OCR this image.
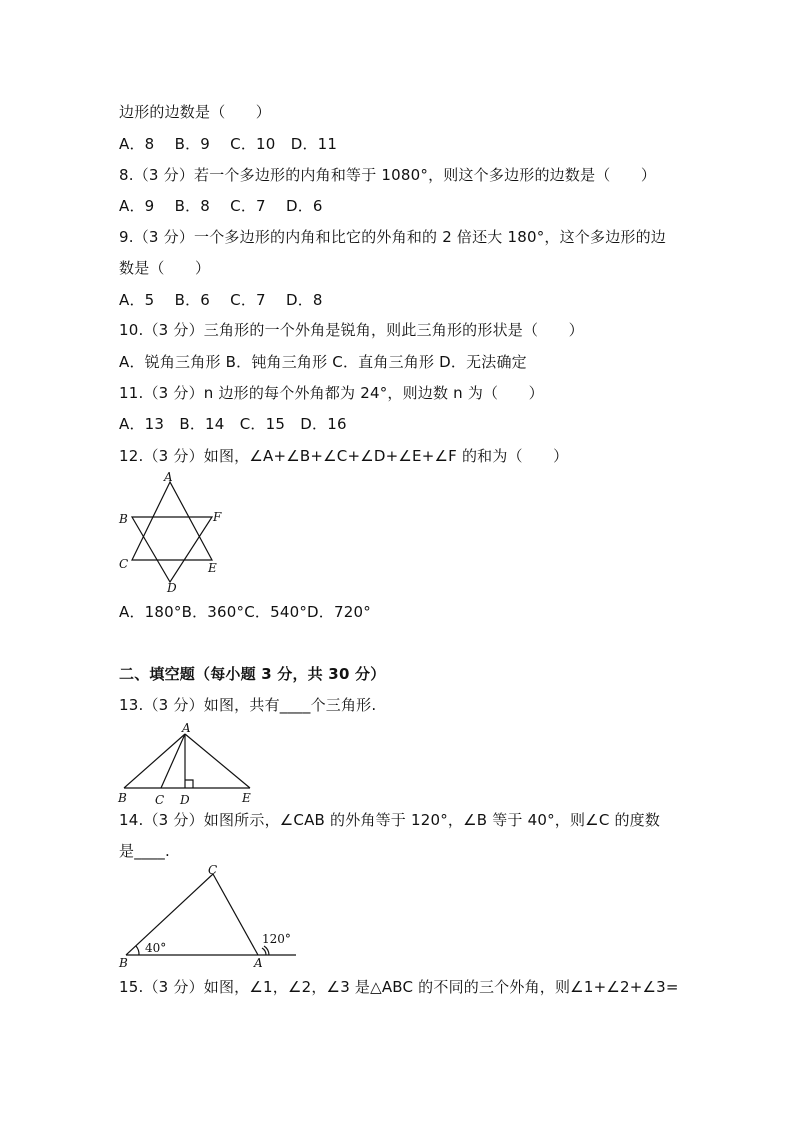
边形的边数是（　　）
A．8　 B．9　 C．10　D．11
8.（3 分）若一个多边形的内角和等于 1080°，则这个多边形的边数是（　　）
A．9　 B．8　 C．7　 D．6
9.（3 分）一个多边形的内角和比它的外角和的 2 倍还大 180°，这个多边形的边
数是（　　）
A．5　 B．6　 C．7　 D．8
10.（3 分）三角形的一个外角是锐角，则此三角形的形状是（　　）
A．锐角三角形 B．钝角三角形 C．直角三角形 D．无法确定
11.（3 分）n 边形的每个外角都为 24°，则边数 n 为（　　）
A．13　B．14　C．15　D．16
12.（3 分）如图，∠A+∠B+∠C+∠D+∠E+∠F 的和为（　　）
A
B	F
C	E
D
A．180°B．360°C．540°D．720°
二、填空题（每小题 3 分，共 30 分）
13.（3 分）如图，共有____个三角形.
A
B C D	E
14.（3 分）如图所示，∠CAB 的外角等于 120°，∠B 等于 40°，则∠C 的度数
是____.
C
B	A
40°
120°
15.（3 分）如图，∠1，∠2，∠3 是△ABC 的不同的三个外角，则∠1+∠2+∠3=
